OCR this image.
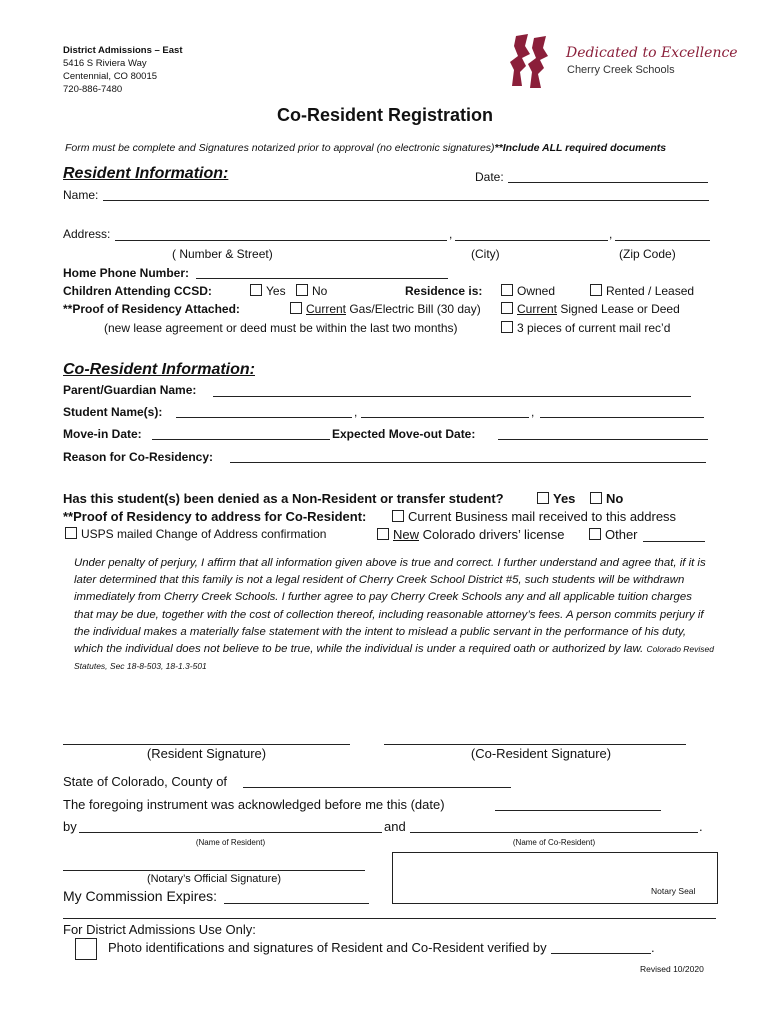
District Admissions – East
5416 S Riviera Way
Centennial, CO 80015
720-886-7480
Dedicated to Excellence
Cherry Creek Schools
Co-Resident Registration
Form must be complete and Signatures notarized prior to approval (no electronic signatures)**Include ALL required documents
Resident Information:	Date:
Name:
Address:	,	,
( Number & Street)	(City)	(Zip Code)
Home Phone Number:
Children Attending CCSD:	Yes	No	Residence is:	Owned	Rented / Leased
**Proof of Residency Attached:	Current Gas/Electric Bill (30 day)	Current Signed Lease or Deed
(new lease agreement or deed must be within the last two months)	3 pieces of current mail rec’d
Co-Resident Information:
Parent/Guardian Name:
Student Name(s):	,	,
Move-in Date:	Expected Move-out Date:
Reason for Co-Residency:
Has this student(s) been denied as a Non-Resident or transfer student?	Yes	No
**Proof of Residency to address for Co-Resident:	Current Business mail received to this address
USPS mailed Change of Address confirmation	New Colorado drivers’ license	Other
Under penalty of perjury, I affirm that all information given above is true and correct. I further understand and agree that, if it is later determined that this family is not a legal resident of Cherry Creek School District #5, such students will be withdrawn immediately from Cherry Creek Schools. I further agree to pay Cherry Creek Schools any and all applicable tuition charges that may be due, together with the cost of collection thereof, including reasonable attorney’s fees. A person commits perjury if the individual makes a materially false statement with the intent to mislead a public servant in the performance of his duty, which the individual does not believe to be true, while the individual is under a required oath or authorized by law. Colorado Revised Statutes, Sec 18-8-503, 18-1.3-501
(Resident Signature)	(Co-Resident Signature)
State of Colorado, County of
The foregoing instrument was acknowledged before me this (date)
by	and	.
(Name of Resident)	(Name of Co-Resident)
(Notary’s Official Signature)
My Commission Expires:	Notary Seal
For District Admissions Use Only:
Photo identifications and signatures of Resident and Co-Resident verified by	.
Revised 10/2020
